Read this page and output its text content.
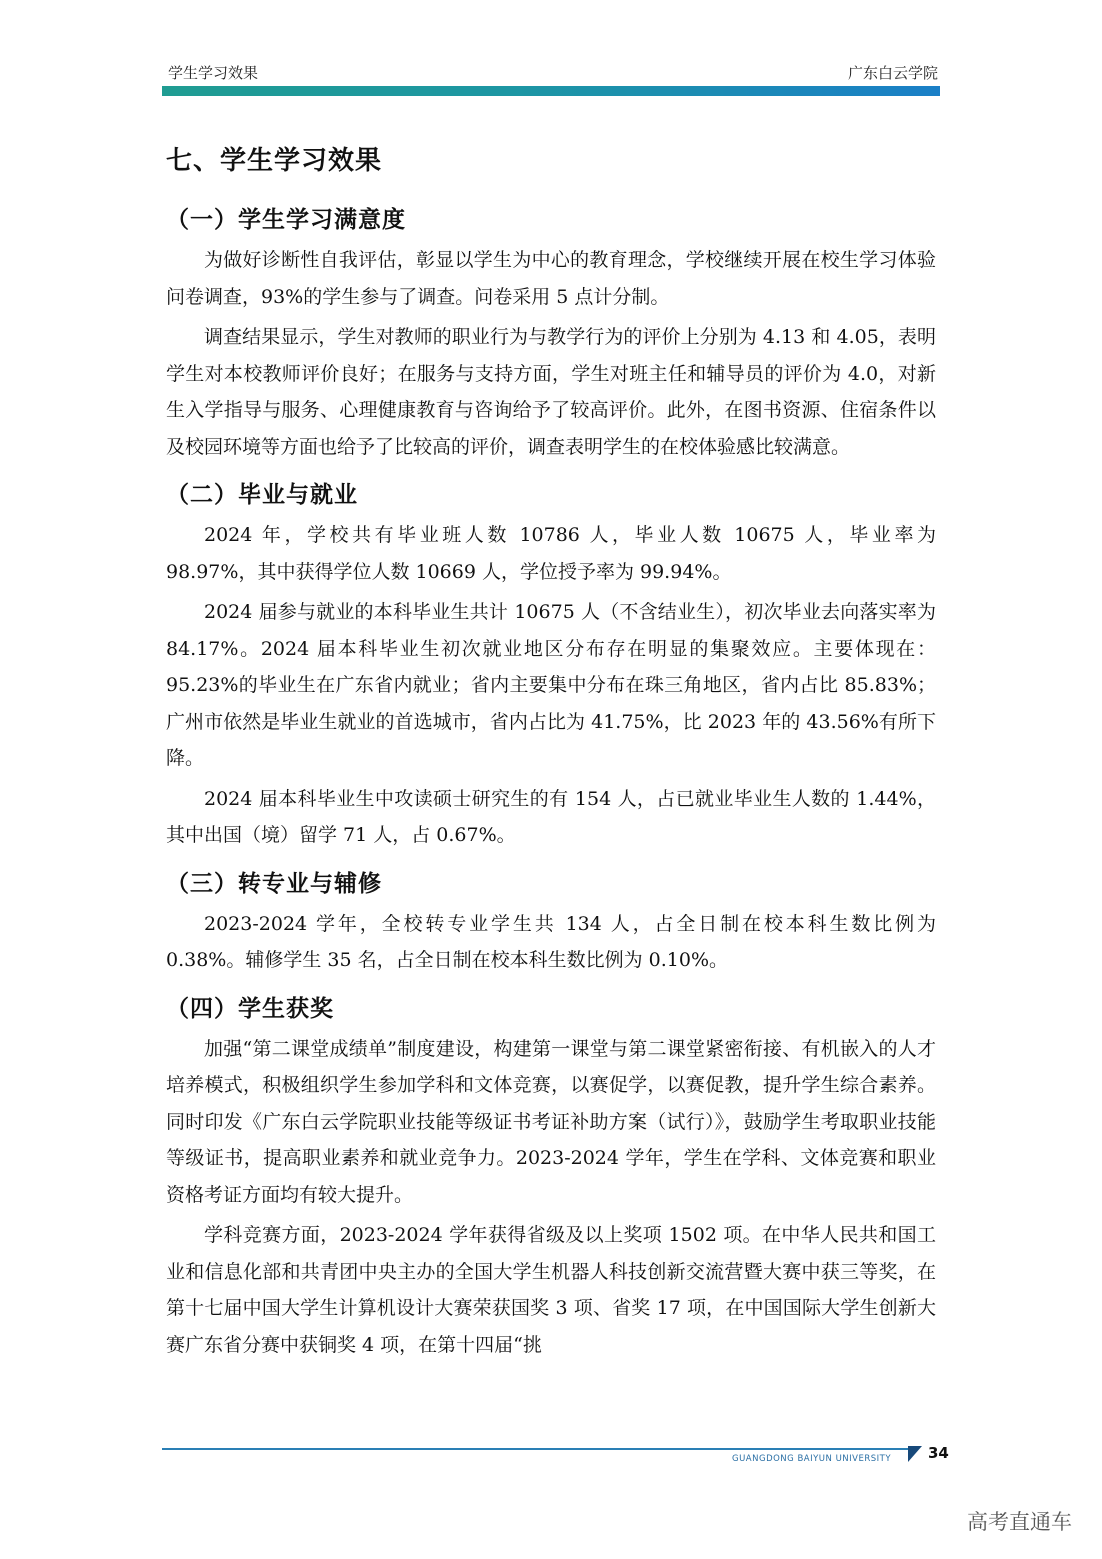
学生学习效果	广东白云学院
七、学生学习效果
（一）学生学习满意度

为做好诊断性自我评估，彰显以学生为中心的教育理念，学校继续开展在校生学习体验问卷调查，93%的学生参与了调查。问卷采用 5 点计分制。

调查结果显示，学生对教师的职业行为与教学行为的评价上分别为 4.13 和 4.05，表明学生对本校教师评价良好；在服务与支持方面，学生对班主任和辅导员的评价为 4.0，对新生入学指导与服务、心理健康教育与咨询给予了较高评价。此外，在图书资源、住宿条件以及校园环境等方面也给予了比较高的评价，调查表明学生的在校体验感比较满意。

（二）毕业与就业

2024 年，学校共有毕业班人数 10786 人，毕业人数 10675 人，毕业率为 98.97%，其中获得学位人数 10669 人，学位授予率为 99.94%。

2024 届参与就业的本科毕业生共计 10675 人（不含结业生），初次毕业去向落实率为 84.17%。2024 届本科毕业生初次就业地区分布存在明显的集聚效应。主要体现在：95.23%的毕业生在广东省内就业；省内主要集中分布在珠三角地区，省内占比 85.83%；广州市依然是毕业生就业的首选城市，省内占比为 41.75%，比 2023 年的 43.56%有所下降。

2024 届本科毕业生中攻读硕士研究生的有 154 人，占已就业毕业生人数的 1.44%，其中出国（境）留学 71 人，占 0.67%。

（三）转专业与辅修

2023-2024 学年，全校转专业学生共 134 人，占全日制在校本科生数比例为 0.38%。辅修学生 35 名，占全日制在校本科生数比例为 0.10%。

（四）学生获奖

加强“第二课堂成绩单”制度建设，构建第一课堂与第二课堂紧密衔接、有机嵌入的人才培养模式，积极组织学生参加学科和文体竞赛，以赛促学，以赛促教，提升学生综合素养。同时印发《广东白云学院职业技能等级证书考证补助方案（试行）》，鼓励学生考取职业技能等级证书，提高职业素养和就业竞争力。2023-2024 学年，学生在学科、文体竞赛和职业资格考证方面均有较大提升。

学科竞赛方面，2023-2024 学年获得省级及以上奖项 1502 项。在中华人民共和国工业和信息化部和共青团中央主办的全国大学生机器人科技创新交流营暨大赛中获三等奖，在第十七届中国大学生计算机设计大赛荣获国奖 3 项、省奖 17 项，在中国国际大学生创新大赛广东省分赛中获铜奖 4 项，在第十四届“挑

GUANGDONG BAIYUN UNIVERSITY 34
高考直通车
